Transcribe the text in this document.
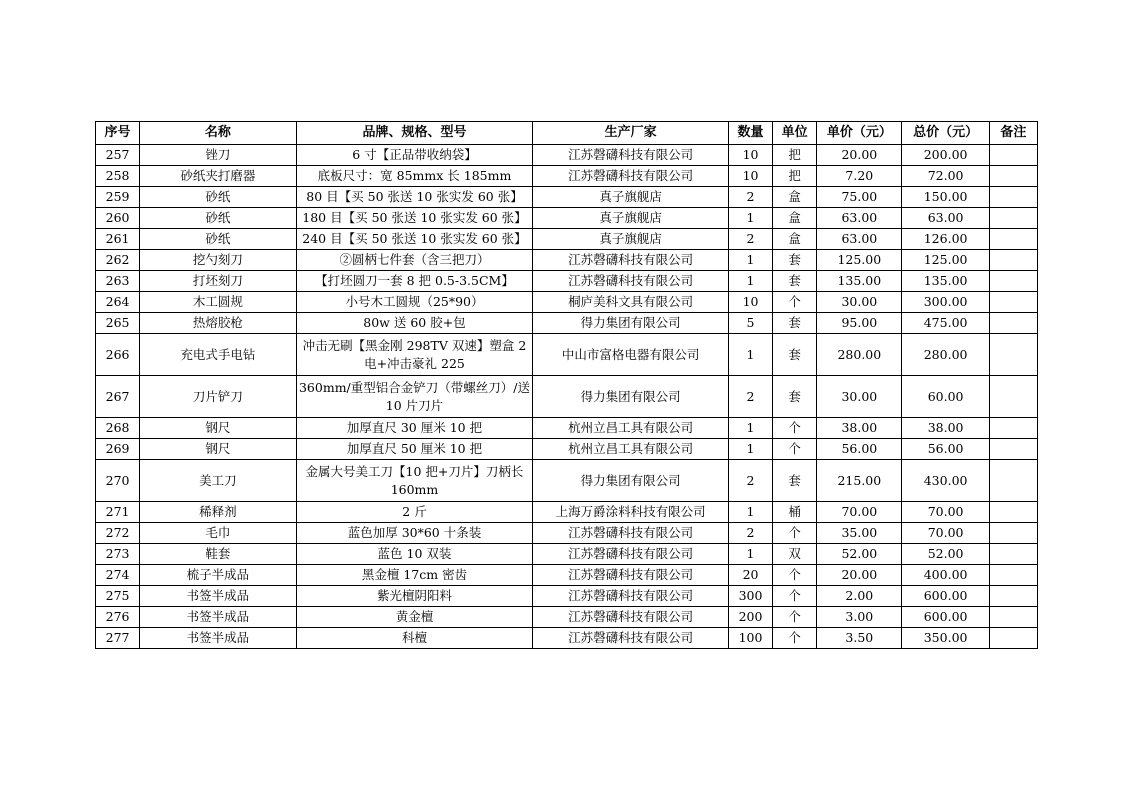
序号	名称	品牌、规格、型号	生产厂家	数量	单位	单价（元）	总价（元）	备注
257	锉刀	6 寸【正品带收纳袋】	江苏磬礴科技有限公司	10	把	20.00	200.00	
258	砂纸夹打磨器	底板尺寸：宽 85mmx 长 185mm	江苏磬礴科技有限公司	10	把	7.20	72.00	
259	砂纸	80 目【买 50 张送 10 张实发 60 张】	真子旗舰店	2	盒	75.00	150.00	
260	砂纸	180 目【买 50 张送 10 张实发 60 张】	真子旗舰店	1	盒	63.00	63.00	
261	砂纸	240 目【买 50 张送 10 张实发 60 张】	真子旗舰店	2	盒	63.00	126.00	
262	挖勺刻刀	②圆柄七件套（含三把刀）	江苏磬礴科技有限公司	1	套	125.00	125.00	
263	打坯刻刀	【打坯圆刀一套 8 把 0.5-3.5CM】	江苏磬礴科技有限公司	1	套	135.00	135.00	
264	木工圆规	小号木工圆规（25*90）	桐庐美科文具有限公司	10	个	30.00	300.00	
265	热熔胶枪	80w 送 60 胶+包	得力集团有限公司	5	套	95.00	475.00	
266	充电式手电钻	冲击无刷【黑金刚 298TV 双速】塑盒 2 电+冲击豪礼 225	中山市富格电器有限公司	1	套	280.00	280.00	
267	刀片铲刀	360mm/重型铝合金铲刀（带螺丝刀）/送 10 片刀片	得力集团有限公司	2	套	30.00	60.00	
268	钢尺	加厚直尺 30 厘米 10 把	杭州立昌工具有限公司	1	个	38.00	38.00	
269	钢尺	加厚直尺 50 厘米 10 把	杭州立昌工具有限公司	1	个	56.00	56.00	
270	美工刀	金属大号美工刀【10 把+刀片】刀柄长 160mm	得力集团有限公司	2	套	215.00	430.00	
271	稀释剂	2 斤	上海万爵涂料科技有限公司	1	桶	70.00	70.00	
272	毛巾	蓝色加厚 30*60 十条装	江苏磬礴科技有限公司	2	个	35.00	70.00	
273	鞋套	蓝色 10 双装	江苏磬礴科技有限公司	1	双	52.00	52.00	
274	梳子半成品	黑金檀 17cm 密齿	江苏磬礴科技有限公司	20	个	20.00	400.00	
275	书签半成品	紫光檀阴阳料	江苏磬礴科技有限公司	300	个	2.00	600.00	
276	书签半成品	黄金檀	江苏磬礴科技有限公司	200	个	3.00	600.00	
277	书签半成品	科檀	江苏磬礴科技有限公司	100	个	3.50	350.00	
